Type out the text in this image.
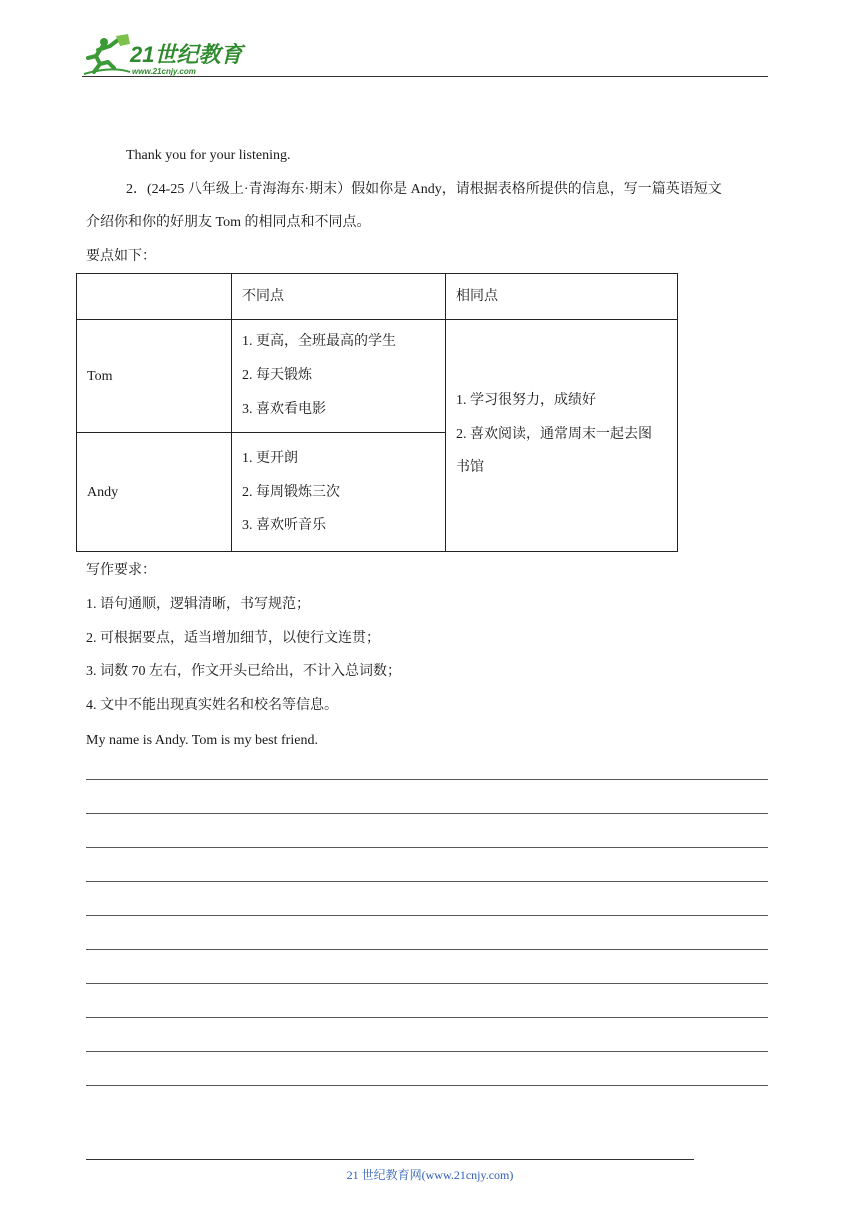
21世纪教育
www.21cnjy.com
Thank you for your listening.
2．(24-25 八年级上·青海海东·期末）假如你是 Andy，请根据表格所提供的信息，写一篇英语短文
介绍你和你的好朋友 Tom 的相同点和不同点。
要点如下：
不同点	相同点
Tom
1. 更高，全班最高的学生
2. 每天锻炼
3. 喜欢看电影
Andy
1. 更开朗
2. 每周锻炼三次
3. 喜欢听音乐
1. 学习很努力，成绩好
2. 喜欢阅读，通常周末一起去图
书馆
写作要求：
1. 语句通顺，逻辑清晰，书写规范；
2. 可根据要点，适当增加细节，以使行文连贯；
3. 词数 70 左右，作文开头已给出，不计入总词数；
4. 文中不能出现真实姓名和校名等信息。
My name is Andy. Tom is my best friend.
21 世纪教育网(www.21cnjy.com)
